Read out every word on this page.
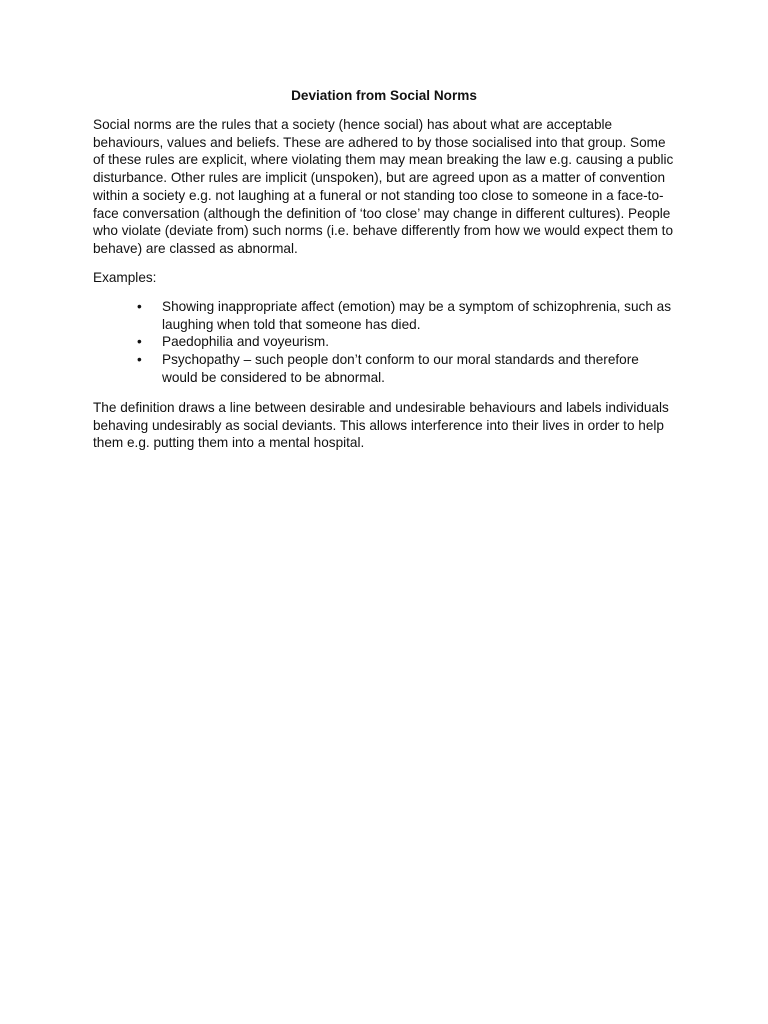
Deviation from Social Norms

Social norms are the rules that a society (hence social) has about what are acceptable behaviours, values and beliefs. These are adhered to by those socialised into that group. Some of these rules are explicit, where violating them may mean breaking the law e.g. causing a public disturbance. Other rules are implicit (unspoken), but are agreed upon as a matter of convention within a society e.g. not laughing at a funeral or not standing too close to someone in a face-to-face conversation (although the definition of ‘too close’ may change in different cultures). People who violate (deviate from) such norms (i.e. behave differently from how we would expect them to behave) are classed as abnormal.

Examples:

• Showing inappropriate affect (emotion) may be a symptom of schizophrenia, such as laughing when told that someone has died.
• Paedophilia and voyeurism.
• Psychopathy – such people don’t conform to our moral standards and therefore would be considered to be abnormal.

The definition draws a line between desirable and undesirable behaviours and labels individuals behaving undesirably as social deviants. This allows interference into their lives in order to help them e.g. putting them into a mental hospital.
